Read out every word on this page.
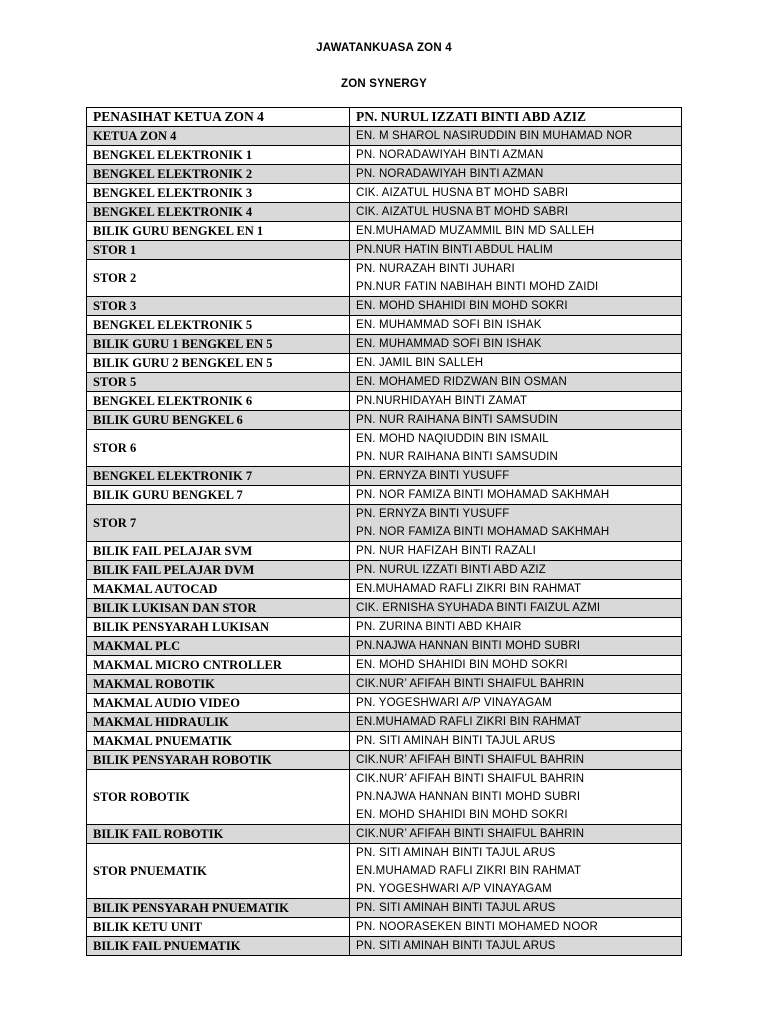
JAWATANKUASA ZON 4
ZON SYNERGY
PENASIHAT KETUA ZON 4	PN. NURUL IZZATI BINTI ABD AZIZ

KETUA ZON 4	EN. M SHAROL NASIRUDDIN BIN MUHAMAD NOR

BENGKEL ELEKTRONIK 1	PN. NORADAWIYAH BINTI AZMAN

BENGKEL ELEKTRONIK 2	PN. NORADAWIYAH BINTI AZMAN

BENGKEL ELEKTRONIK 3	CIK. AIZATUL HUSNA BT MOHD SABRI

BENGKEL ELEKTRONIK 4	CIK. AIZATUL HUSNA BT MOHD SABRI

BILIK GURU BENGKEL EN 1	EN.MUHAMAD MUZAMMIL BIN MD SALLEH

STOR 1	PN.NUR HATIN BINTI ABDUL HALIM

STOR 2	PN. NURAZAH BINTI JUHARI
PN.NUR FATIN NABIHAH BINTI MOHD ZAIDI

STOR 3	EN. MOHD SHAHIDI BIN MOHD SOKRI

BENGKEL ELEKTRONIK 5	EN. MUHAMMAD SOFI BIN ISHAK

BILIK GURU 1 BENGKEL EN 5	EN. MUHAMMAD SOFI BIN ISHAK

BILIK GURU 2 BENGKEL EN 5	EN. JAMIL BIN SALLEH

STOR 5	EN. MOHAMED RIDZWAN BIN OSMAN

BENGKEL ELEKTRONIK 6	PN.NURHIDAYAH BINTI ZAMAT

BILIK GURU BENGKEL 6	PN. NUR RAIHANA BINTI SAMSUDIN

STOR 6	EN. MOHD NAQIUDDIN BIN ISMAIL
PN. NUR RAIHANA BINTI SAMSUDIN

BENGKEL ELEKTRONIK 7	PN. ERNYZA BINTI YUSUFF

BILIK GURU BENGKEL 7	PN. NOR FAMIZA BINTI MOHAMAD SAKHMAH

STOR 7	PN. ERNYZA BINTI YUSUFF
PN. NOR FAMIZA BINTI MOHAMAD SAKHMAH

BILIK FAIL PELAJAR SVM	PN. NUR HAFIZAH BINTI RAZALI

BILIK FAIL PELAJAR DVM	PN. NURUL IZZATI BINTI ABD AZIZ

MAKMAL AUTOCAD	EN.MUHAMAD RAFLI ZIKRI BIN RAHMAT

BILIK LUKISAN DAN STOR	CIK. ERNISHA SYUHADA BINTI FAIZUL AZMI

BILIK PENSYARAH LUKISAN	PN. ZURINA BINTI ABD KHAIR

MAKMAL PLC	PN.NAJWA HANNAN BINTI MOHD SUBRI

MAKMAL MICRO CNTROLLER	EN. MOHD SHAHIDI BIN MOHD SOKRI

MAKMAL ROBOTIK	CIK.NUR’ AFIFAH BINTI SHAIFUL BAHRIN

MAKMAL AUDIO VIDEO	PN. YOGESHWARI A/P VINAYAGAM

MAKMAL HIDRAULIK	EN.MUHAMAD RAFLI ZIKRI BIN RAHMAT

MAKMAL PNUEMATIK	PN. SITI AMINAH BINTI TAJUL ARUS

BILIK PENSYARAH ROBOTIK	CIK.NUR’ AFIFAH BINTI SHAIFUL BAHRIN

STOR ROBOTIK	CIK.NUR’ AFIFAH BINTI SHAIFUL BAHRIN
PN.NAJWA HANNAN BINTI MOHD SUBRI
EN. MOHD SHAHIDI BIN MOHD SOKRI

BILIK FAIL ROBOTIK	CIK.NUR’ AFIFAH BINTI SHAIFUL BAHRIN

STOR PNUEMATIK	PN. SITI AMINAH BINTI TAJUL ARUS
EN.MUHAMAD RAFLI ZIKRI BIN RAHMAT
PN. YOGESHWARI A/P VINAYAGAM

BILIK PENSYARAH PNUEMATIK	PN. SITI AMINAH BINTI TAJUL ARUS

BILIK KETU UNIT	PN. NOORASEKEN BINTI MOHAMED NOOR

BILIK FAIL PNUEMATIK	PN. SITI AMINAH BINTI TAJUL ARUS
